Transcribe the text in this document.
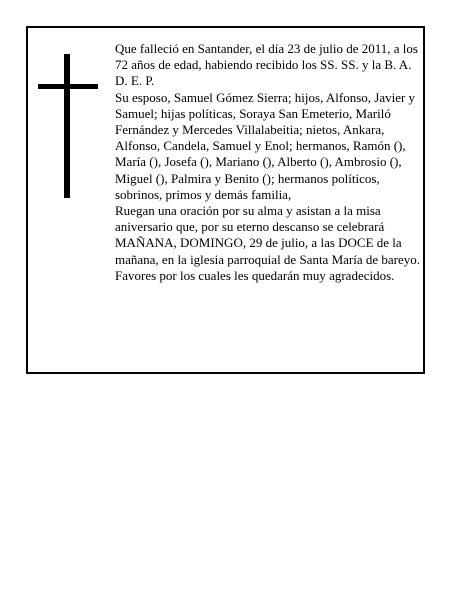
Que falleció en Santander, el día 23 de julio de 2011, a los 72 años de edad, habiendo recibido los SS. SS. y la B. A.

D. E. P.

Su esposo, Samuel Gómez Sierra; hijos, Alfonso, Javier y Samuel; hijas políticas, Soraya San Emeterio, Mariló Fernández y Mercedes Villalabeitia; nietos, Ankara, Alfonso, Candela, Samuel y Enol; hermanos, Ramón (), María (), Josefa (), Mariano (), Alberto (), Ambrosio (), Miguel (), Palmira y Benito (); hermanos políticos, sobrinos, primos y demás familia,

Ruegan una oración por su alma y asistan a la misa aniversario que, por su eterno descanso se celebrará MAÑANA, DOMINGO, 29 de julio, a las DOCE de la mañana, en la iglesia parroquial de Santa María de bareyo. Favores por los cuales les quedarán muy agradecidos.
